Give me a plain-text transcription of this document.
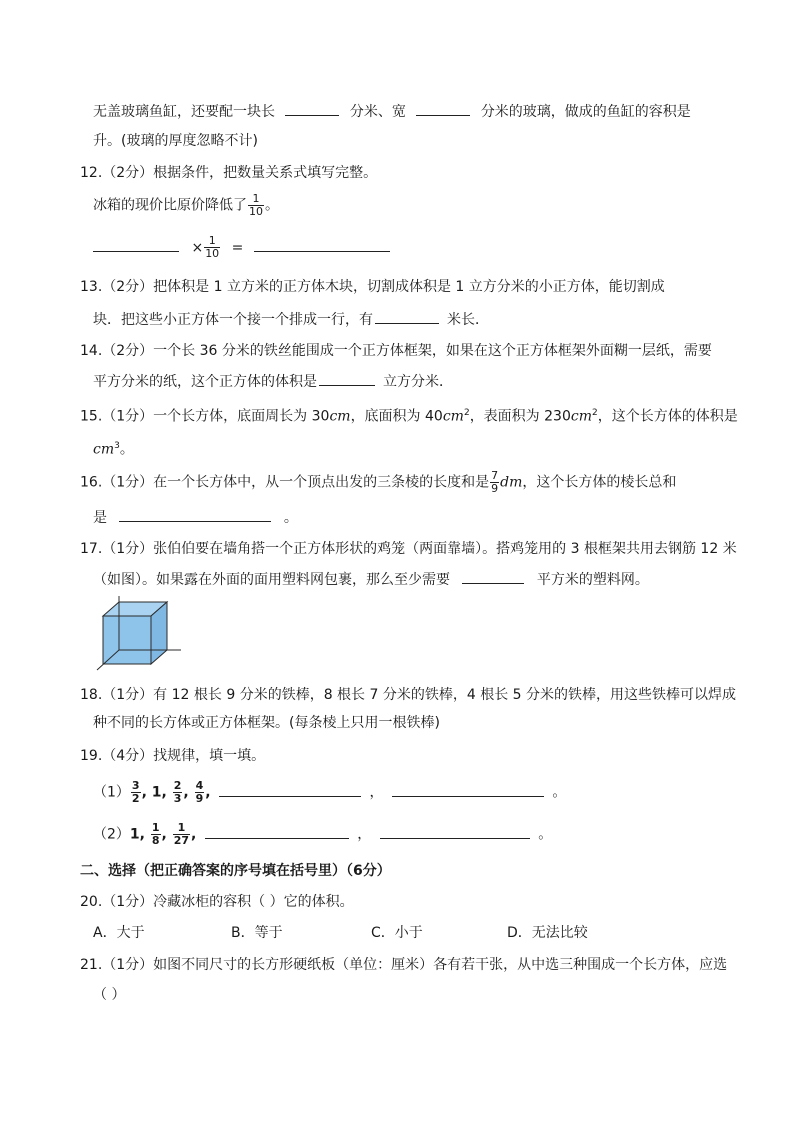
无盖玻璃鱼缸，还要配一块长	分米、宽	分米的玻璃，做成的鱼缸的容积是
升。(玻璃的厚度忽略不计)
12.（2分）根据条件，把数量关系式填写完整。
冰箱的现价比原价降低了 $\frac{1}{10}$ 。
× $\frac{1}{10}$ =
13.（2分）把体积是 1 立方米的正方体木块，切割成体积是 1 立方分米的小正方体，能切割成
块．把这些小正方体一个接一个排成一行，有	米长．
14.（2分）一个长 36 分米的铁丝能围成一个正方体框架，如果在这个正方体框架外面糊一层纸，需要
平方分米的纸，这个正方体的体积是	立方分米．
15.（1分）一个长方体，底面周长为 30cm，底面积为 $40cm^2$，表面积为 $230cm^2$，这个长方体的体积是
$cm^3$。
16.（1分）在一个长方体中，从一个顶点出发的三条棱的长度和是 $\frac{7}{9}$ dm，这个长方体的棱长总和
是	。
17.（1分）张伯伯要在墙角搭一个正方体形状的鸡笼（两面靠墙）。搭鸡笼用的 3 根框架共用去钢筋 12 米
（如图）。如果露在外面的面用塑料网包裹，那么至少需要	平方米的塑料网。
18.（1分）有 12 根长 9 分米的铁棒，8 根长 7 分米的铁棒，4 根长 5 分米的铁棒，用这些铁棒可以焊成
种不同的长方体或正方体框架。(每条棱上只用一根铁棒)
19.（4分）找规律，填一填。
$(1) \frac{3}{2}$ , 1, $\frac{2}{3}$ , $\frac{4}{9}$ ,	，	。
（2）1, $\frac{1}{8}$ , $\frac{1}{27}$ ,	，	。
二、选择（把正确答案的序号填在括号里）（6分）
20.（1分）冷藏冰柜的容积（ ）它的体积。
A．大于	B．等于	C．小于	D．无法比较
21.（1分）如图不同尺寸的长方形硬纸板（单位：厘米）各有若干张，从中选三种围成一个长方体，应选
（ ）
